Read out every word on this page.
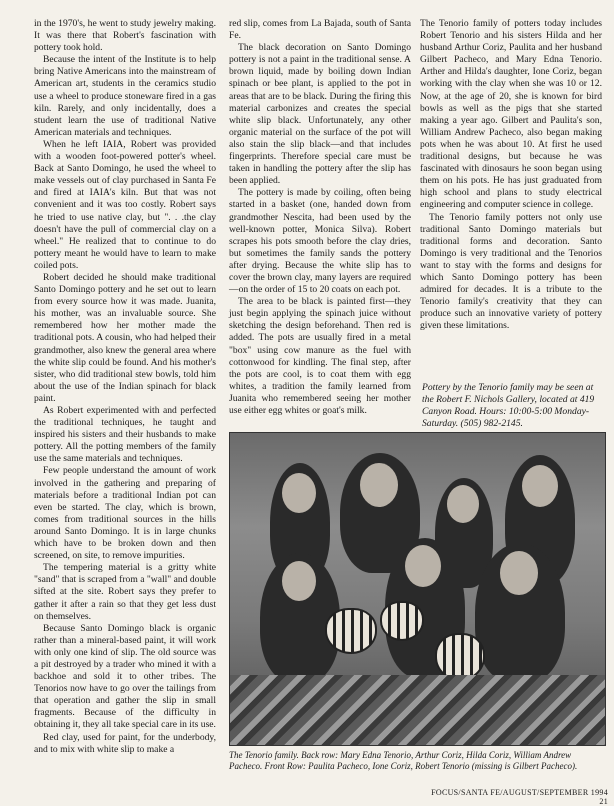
in the 1970's, he went to study jewelry making. It was there that Robert's fascination with pottery took hold.

Because the intent of the Institute is to help bring Native Americans into the mainstream of American art, students in the ceramics studio use a wheel to produce stoneware fired in a gas kiln. Rarely, and only incidentally, does a student learn the use of traditional Native American materials and techniques.

When he left IAIA, Robert was provided with a wooden foot-powered potter's wheel. Back at Santo Domingo, he used the wheel to make vessels out of clay purchased in Santa Fe and fired at IAIA's kiln. But that was not convenient and it was too costly. Robert says he tried to use native clay, but ". . .the clay doesn't have the pull of commercial clay on a wheel." He realized that to continue to do pottery meant he would have to learn to make coiled pots.

Robert decided he should make traditional Santo Domingo pottery and he set out to learn from every source how it was made. Juanita, his mother, was an invaluable source. She remembered how her mother made the traditional pots. A cousin, who had helped their grandmother, also knew the general area where the white slip could be found. And his mother's sister, who did traditional stew bowls, told him about the use of the Indian spinach for black paint.

As Robert experimented with and perfected the traditional techniques, he taught and inspired his sisters and their husbands to make pottery. All the potting members of the family use the same materials and techniques.

Few people understand the amount of work involved in the gathering and preparing of materials before a traditional Indian pot can even be started. The clay, which is brown, comes from traditional sources in the hills around Santo Domingo. It is in large chunks which have to be broken down and then screened, on site, to remove impurities.

The tempering material is a gritty white "sand" that is scraped from a "wall" and double sifted at the site. Robert says they prefer to gather it after a rain so that they get less dust on themselves.

Because Santo Domingo black is organic rather than a mineral-based paint, it will work with only one kind of slip. The old source was a pit destroyed by a trader who mined it with a backhoe and sold it to other tribes. The Tenorios now have to go over the tailings from that operation and gather the slip in small fragments. Because of the difficulty in obtaining it, they all take special care in its use.

Red clay, used for paint, for the underbody, and to mix with white slip to make a

red slip, comes from La Bajada, south of Santa Fe.

The black decoration on Santo Domingo pottery is not a paint in the traditional sense. A brown liquid, made by boiling down Indian spinach or bee plant, is applied to the pot in areas that are to be black. During the firing this material carbonizes and creates the special white slip black. Unfortunately, any other organic material on the surface of the pot will also stain the slip black—and that includes fingerprints. Therefore special care must be taken in handling the pottery after the slip has been applied.

The pottery is made by coiling, often being started in a basket (one, handed down from grandmother Nescita, had been used by the well-known potter, Monica Silva). Robert scrapes his pots smooth before the clay dries, but sometimes the family sands the pottery after drying. Because the white slip has to cover the brown clay, many layers are required—on the order of 15 to 20 coats on each pot.

The area to be black is painted first—they just begin applying the spinach juice without sketching the design beforehand. Then red is added. The pots are usually fired in a metal "box" using cow manure as the fuel with cottonwood for kindling. The final step, after the pots are cool, is to coat them with egg whites, a tradition the family learned from Juanita who remembered seeing her mother use either egg whites or goat's milk.

The Tenorio family of potters today includes Robert Tenorio and his sisters Hilda and her husband Arthur Coriz, Paulita and her husband Gilbert Pacheco, and Mary Edna Tenorio. Arther and Hilda's daughter, Ione Coriz, began working with the clay when she was 10 or 12. Now, at the age of 20, she is known for bird bowls as well as the pigs that she started making a year ago. Gilbert and Paulita's son, William Andrew Pacheco, also began making pots when he was about 10. At first he used traditional designs, but because he was fascinated with dinosaurs he soon began using them on his pots. He has just graduated from high school and plans to study electrical engineering and computer science in college.

The Tenorio family potters not only use traditional Santo Domingo materials but traditional forms and decoration. Santo Domingo is very traditional and the Tenorios want to stay with the forms and designs for which Santo Domingo pottery has been admired for decades. It is a tribute to the Tenorio family's creativity that they can produce such an innovative variety of pottery given these limitations.

Pottery by the Tenorio family may be seen at the Robert F. Nichols Gallery, located at 419 Canyon Road. Hours: 10:00-5:00 Monday-Saturday. (505) 982-2145.
The Tenorio family. Back row: Mary Edna Tenorio, Arthur Coriz, Hilda Coriz, William Andrew Pacheco. Front Row: Paulita Pacheco, Ione Coriz, Robert Tenorio (missing is Gilbert Pacheco).
FOCUS/SANTA FE/AUGUST/SEPTEMBER 1994 21
